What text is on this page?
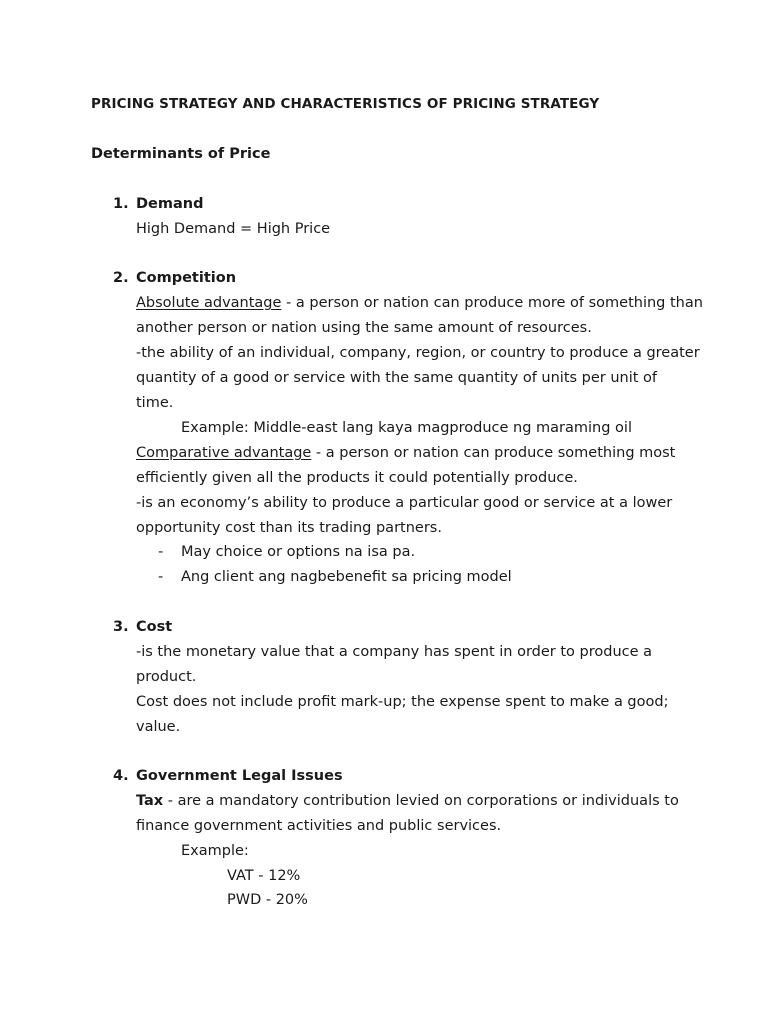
PRICING STRATEGY AND CHARACTERISTICS OF PRICING STRATEGY
Determinants of Price
1. Demand
High Demand = High Price
2. Competition
Absolute advantage - a person or nation can produce more of something than
another person or nation using the same amount of resources.
-the ability of an individual, company, region, or country to produce a greater
quantity of a good or service with the same quantity of units per unit of
time.
Example: Middle-east lang kaya magproduce ng maraming oil
Comparative advantage - a person or nation can produce something most
efficiently given all the products it could potentially produce.
-is an economy’s ability to produce a particular good or service at a lower
opportunity cost than its trading partners.
- May choice or options na isa pa.
- Ang client ang nagbebenefit sa pricing model
3. Cost
-is the monetary value that a company has spent in order to produce a
product.
Cost does not include profit mark-up; the expense spent to make a good;
value.
4. Government Legal Issues
Tax - are a mandatory contribution levied on corporations or individuals to
finance government activities and public services.
Example:
VAT - 12%
PWD - 20%
